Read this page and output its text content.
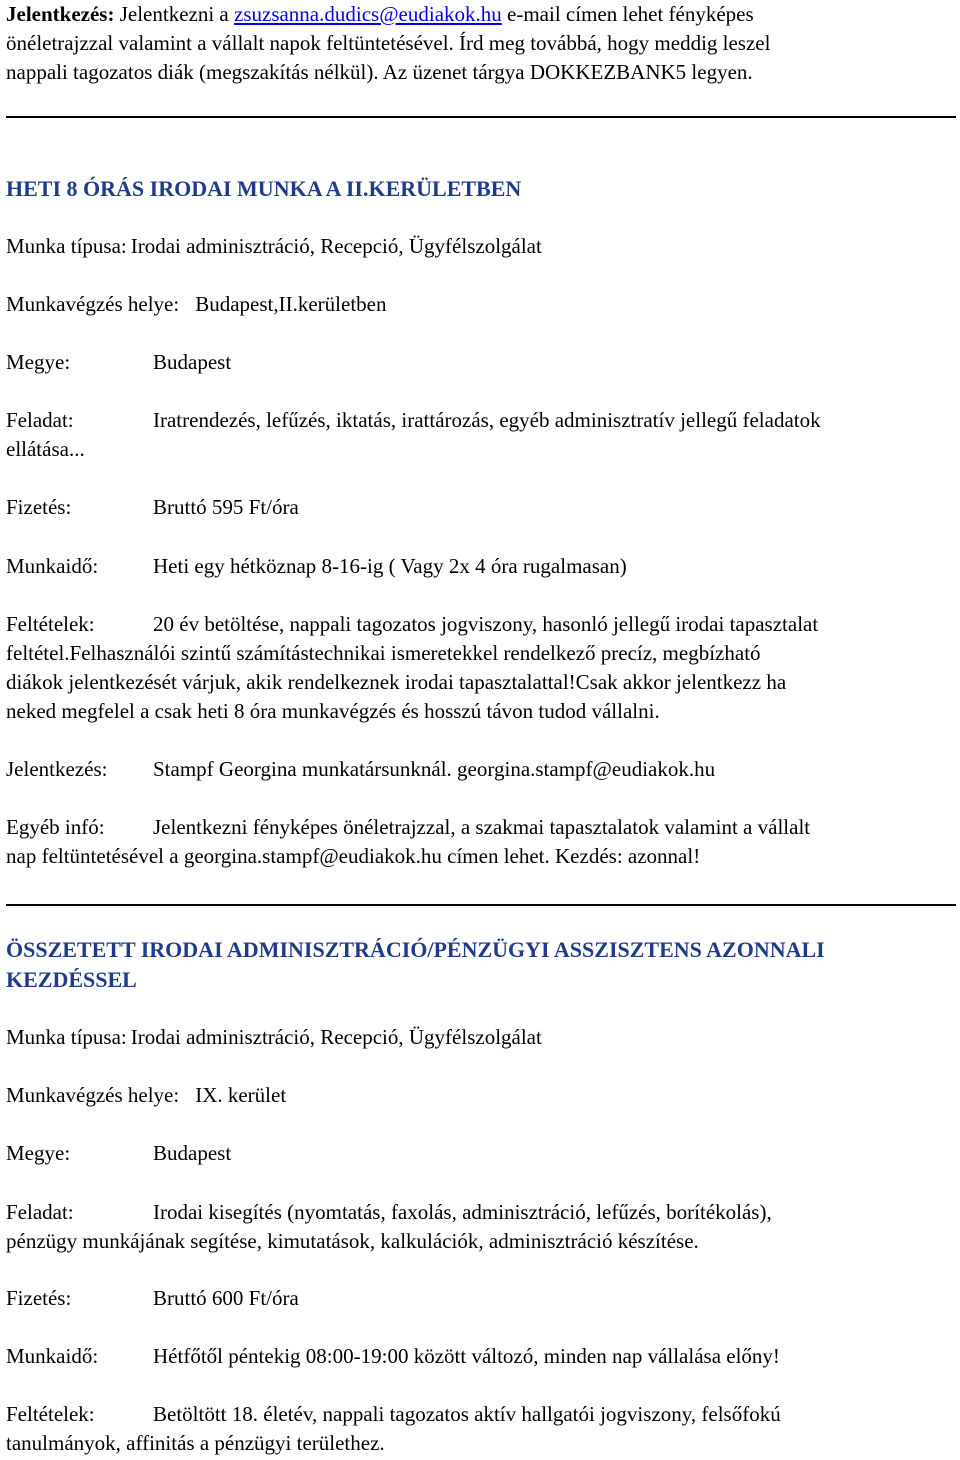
Jelentkezés: Jelentkezni a zsuzsanna.dudics@eudiakok.hu e-mail címen lehet fényképes

önéletrajzzal valamint a vállalt napok feltüntetésével. Írd meg továbbá, hogy meddig leszel

nappali tagozatos diák (megszakítás nélkül). Az üzenet tárgya DOKKEZBANK5 legyen.

HETI 8 ÓRÁS IRODAI MUNKA A II.KERÜLETBEN
Munka típusa: Irodai adminisztráció, Recepció, Ügyfélszolgálat
Munkavégzés helye: Budapest,II.kerületben
Megye:	Budapest
Feladat:	Iratrendezés, lefűzés, iktatás, irattározás, egyéb adminisztratív jellegű feladatok

ellátása...

Fizetés:	Bruttó 595 Ft/óra
Munkaidő:	Heti egy hétköznap 8-16-ig ( Vagy 2x 4 óra rugalmasan)
Feltételek:	20 év betöltése, nappali tagozatos jogviszony, hasonló jellegű irodai tapasztalat

feltétel.Felhasználói szintű számítástechnikai ismeretekkel rendelkező precíz, megbízható

diákok jelentkezését várjuk, akik rendelkeznek irodai tapasztalattal!Csak akkor jelentkezz ha

neked megfelel a csak heti 8 óra munkavégzés és hosszú távon tudod vállalni.

Jelentkezés: Stampf Georgina munkatársunknál. georgina.stampf@eudiakok.hu
Egyéb infó: Jelentkezni fényképes önéletrajzzal, a szakmai tapasztalatok valamint a vállalt

nap feltüntetésével a georgina.stampf@eudiakok.hu címen lehet. Kezdés: azonnal!

ÖSSZETETT IRODAI ADMINISZTRÁCIÓ/PÉNZÜGYI ASSZISZTENS AZONNALI
KEZDÉSSEL
Munka típusa: Irodai adminisztráció, Recepció, Ügyfélszolgálat
Munkavégzés helye: IX. kerület
Megye:	Budapest
Feladat:	Irodai kisegítés (nyomtatás, faxolás, adminisztráció, lefűzés, borítékolás),

pénzügy munkájának segítése, kimutatások, kalkulációk, adminisztráció készítése.

Fizetés:	Bruttó 600 Ft/óra
Munkaidő:	Hétfőtől péntekig 08:00-19:00 között változó, minden nap vállalása előny!
Feltételek:	Betöltött 18. életév, nappali tagozatos aktív hallgatói jogviszony, felsőfokú

tanulmányok, affinitás a pénzügyi területhez.
